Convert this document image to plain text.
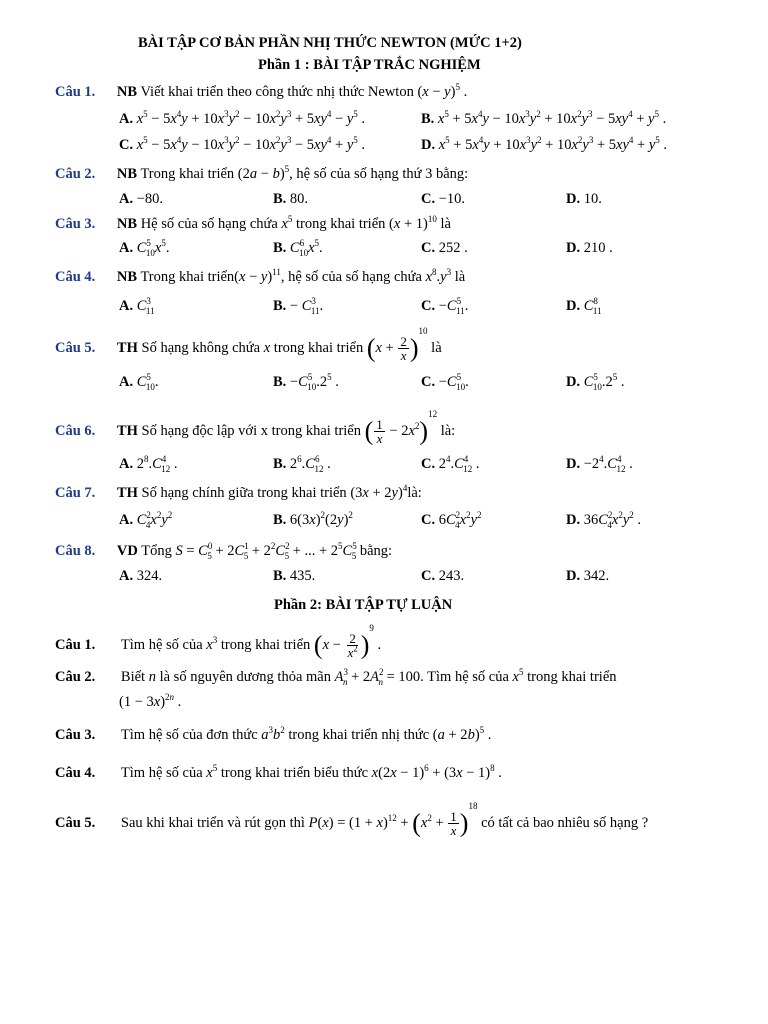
BÀI TẬP CƠ BẢN PHẦN NHỊ THỨC NEWTON (MỨC 1+2)
Phần 1 : BÀI TẬP TRẮC NGHIỆM
Câu 1. NB Viết khai triển theo công thức nhị thức Newton $(x - y)^5$ .
A. $x^5 - 5x^4y + 10x^3y^2 - 10x^2y^3 + 5xy^4 - y^5$ .	B. $x^5 + 5x^4y - 10x^3y^2 + 10x^2y^3 - 5xy^4 + y^5$ .
C. $x^5 - 5x^4y - 10x^3y^2 - 10x^2y^3 - 5xy^4 + y^5$ .	D. $x^5 + 5x^4y + 10x^3y^2 + 10x^2y^3 + 5xy^4 + y^5$ .
Câu 2. NB Trong khai triển $(2a - b)^5$, hệ số của số hạng thứ 3 bằng:
A. −80.	B. 80.	C. −10.	D. 10.
Câu 3. NB Hệ số của số hạng chứa $x^5$ trong khai triển $(x + 1)^{10}$ là
A. $C^5_{10}x^5$.	B. $C^6_{10}x^5$.	C. 252 .	D. 210 .
Câu 4. NB Trong khai triển(x − y)$^{11}$, hệ số của số hạng chứa $x^8.y^3$ là
A. $C^3_{11}$	B. − $C^3_{11}$.	C. $-C^5_{11}$.	D. $C^8_{11}$
Câu 5. TH Số hạng không chứa x trong khai triển $(x + \frac{2}{x} )^{10}$ là
A. $C^5_{10}$.	B. $-C^5_{10}.2^5$ .	C. $-C^5_{10}$.	D. $C^5_{10}.2^5$ .
Câu 6. TH Số hạng độc lập với x trong khai triển ( $\frac{1}{x} - 2x^2)^{12}$ là:
A. $2^8.C^4_{12}$ .	B. $2^6.C^6_{12}$ .	C. $2^4.C^4_{12}$ .	D. $-2^4.C^4_{12}$ .
Câu 7. TH Số hạng chính giữa trong khai triển $(3x + 2y)^4là$:
A. $C^2_4x^2y^2$	B. $6(3x)^2(2y)^2$	C. $6C^2_4x^2y^2$	D. $36C^2_4x^2y^2$ .
Câu 8. VD Tổng $S = C^0_5 + 2C^1_5 + 2^2C^2_5$ + ... + $2^5C^5_5$ bằng:
A. 324.	B. 435.	C. 243.	D. 342.
Phần 2: BÀI TẬP TỰ LUẬN
Câu 1. Tìm hệ số của $x^3$ trong khai triển $(x - \frac{2}{x^2} )^9$ .
Câu 2. Biết n là số nguyên dương thỏa mãn $A^3_n + 2A^2_n = 100$. Tìm hệ số của $x^5$ trong khai triển
$(1 - 3x)^{2n}$ .
Câu 3. Tìm hệ số của đơn thức $a^3b^2$ trong khai triển nhị thức $(a + 2b)^5$ .
Câu 4. Tìm hệ số của $x^5$ trong khai triển biểu thức $x(2x - 1)^6 + (3x - 1)^8$ .
Câu 5. Sau khi khai triển và rút gọn thì $P(x) = (1 + x)^{12} + (x^2 + \frac{1}{x} )^{18}$ có tất cả bao nhiêu số hạng ?
